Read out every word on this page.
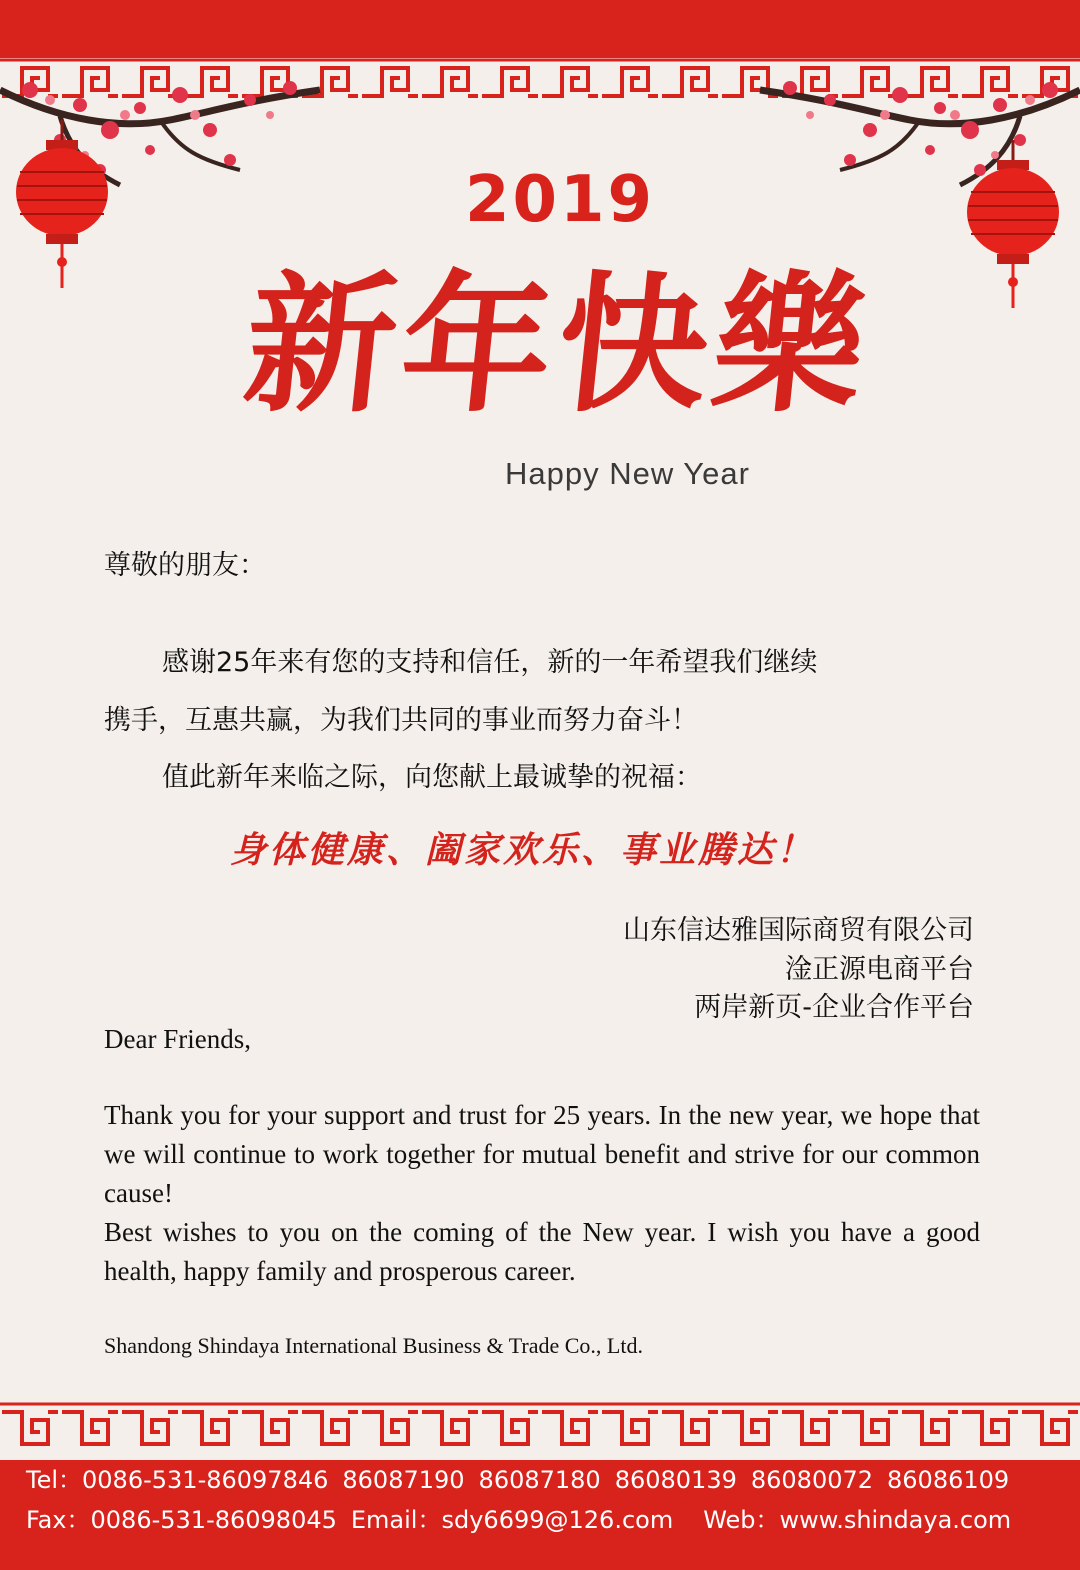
2019
新年快樂
Happy New Year
尊敬的朋友：
感谢25年来有您的支持和信任，新的一年希望我们继续
携手，互惠共赢，为我们共同的事业而努力奋斗！
值此新年来临之际，向您献上最诚挚的祝福：
身体健康、阖家欢乐、事业腾达！
山东信达雅国际商贸有限公司
淦正源电商平台
两岸新页-企业合作平台
Dear Friends,
Thank you for your support and trust for 25 years. In the new year, we hope that we will continue to work together for mutual benefit and strive for our common cause!
Best wishes to you on the coming of the New year. I wish you have a good health, happy family and prosperous career.
Shandong Shindaya International Business & Trade Co., Ltd.
Tel：0086-531-86097846 86087190 86087180 86080139 86080072 86086109
Fax：0086-531-86098045 Email：sdy6699@126.com Web：www.shindaya.com
